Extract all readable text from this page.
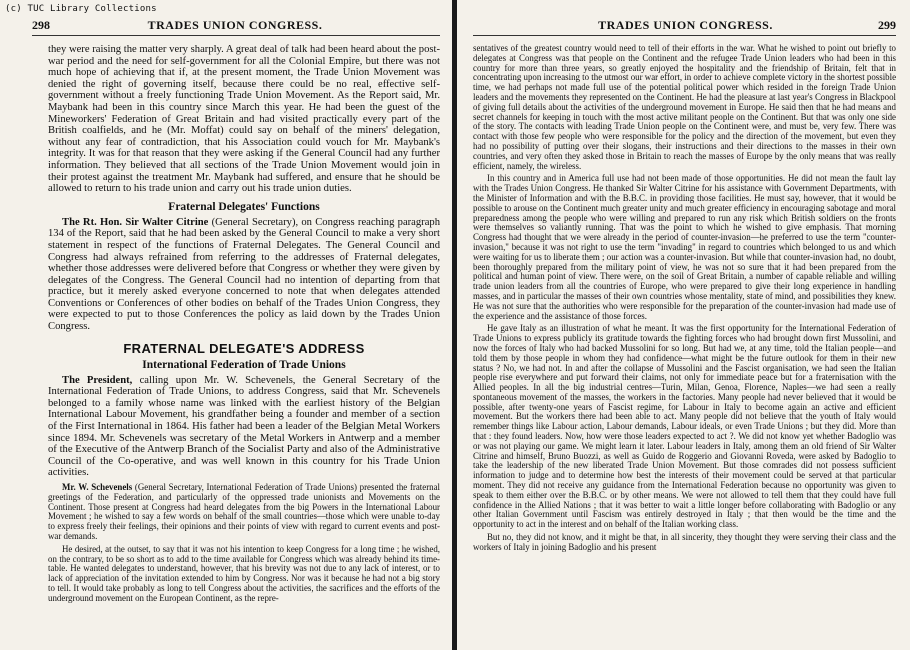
(c) TUC Library Collections
298	TRADES UNION CONGRESS.

they were raising the matter very sharply. A great deal of talk had been heard about the post-war period and the need for self-government for all the Colonial Empire, but there was not much hope of achieving that if, at the present moment, the Trade Union Movement was denied the right of governing itself, because there could be no real, effective self-government without a freely functioning Trade Union Movement. As the Report said, Mr. Maybank had been in this country since March this year. He had been the guest of the Mineworkers' Federation of Great Britain and had visited practically every part of the British coalfields, and he (Mr. Moffat) could say on behalf of the miners' delegation, without any fear of contradiction, that his Association could vouch for Mr. Maybank's integrity. It was for that reason that they were asking if the General Council had any further information. They believed that all sections of the Trade Union Movement would join in their protest against the treatment Mr. Maybank had suffered, and ensure that he should be allowed to return to his trade union and carry out his trade union duties.

Fraternal Delegates' Functions

The Rt. Hon. Sir Walter Citrine (General Secretary), on Congress reaching paragraph 134 of the Report, said that he had been asked by the General Council to make a very short statement in respect of the functions of Fraternal Delegates. The General Council and Congress had always refrained from referring to the addresses of Fraternal delegates, whether those addresses were delivered before that Congress or whether they were given by delegates of the Congress. The General Council had no intention of departing from that practice, but it merely asked everyone concerned to note that when delegates attended Conventions or Conferences of other bodies on behalf of the Trades Union Congress, they were expected to put to those Conferences the policy as laid down by the Trades Union Congress.

FRATERNAL DELEGATE'S ADDRESS
International Federation of Trade Unions

The President, calling upon Mr. W. Schevenels, the General Secretary of the International Federation of Trade Unions, to address Congress, said that Mr. Schevenels belonged to a family whose name was linked with the earliest history of the Belgian International Labour Movement, his grandfather being a founder and member of a section of the First International in 1864. His father had been a leader of the Belgian Metal Workers since 1894. Mr. Schevenels was secretary of the Metal Workers in Antwerp and a member of the Executive of the Antwerp Branch of the Socialist Party and also of the Administrative Council of the Co-operative, and was well known in this country for his Trade Union activities.

Mr. W. Schevenels (General Secretary, International Federation of Trade Unions) presented the fraternal greetings of the Federation, and particularly of the oppressed trade unionists and Movements on the Continent. Those present at Congress had heard delegates from the big Powers in the International Labour Movement ; he wished to say a few words on behalf of the small countries—those which were unable to-day to express freely their feelings, their opinions and their points of view with regard to current events and post-war demands.

He desired, at the outset, to say that it was not his intention to keep Congress for a long time ; he wished, on the contrary, to be so short as to add to the time available for Congress which was already behind its time-table. He wanted delegates to understand, however, that his brevity was not due to any lack of interest, or to lack of appreciation of the invitation extended to him by Congress. Nor was it because he had not a big story to tell. It would take probably as long to tell Congress about the activities, the sacrifices and the efforts of the underground movement on the European Continent, as the repre-

TRADES UNION CONGRESS.	299

sentatives of the greatest country would need to tell of their efforts in the war. What he wished to point out briefly to delegates at Congress was that people on the Continent and the refugee Trade Union leaders who had been in this country for more than three years, so greatly enjoyed the hospitality and the friendship of Britain, felt that in concentrating upon increasing to the utmost our war effort, in order to achieve complete victory in the shortest possible time, we had perhaps not made full use of the potential political power which resided in the foreign Trade Union leaders and the movements they represented on the Continent. He had the pleasure at last year's Congress in Blackpool of giving full details about the activities of the underground movement in Europe. He said then that he had means and secret channels for keeping in touch with the most active militant people on the Continent. But that was only one side of the story. The contacts with leading Trade Union people on the Continent were, and must be, very few. There was contact with those few people who were responsible for the policy and the direction of the movement, but even they had no possibility of putting over their slogans, their instructions and their directions to the masses in their own countries, and very often they asked those in Britain to reach the masses of Europe by the only means that was really efficient, namely, the wireless.

In this country and in America full use had not been made of those opportunities. He did not mean the fault lay with the Trades Union Congress. He thanked Sir Walter Citrine for his assistance with Government Departments, with the Minister of Information and with the B.B.C. in providing those facilities. He must say, however, that it would be possible to arouse on the Continent much greater unity and much greater efficiency in encouraging sabotage and moral preparedness among the people who were willing and prepared to run any risk which British soldiers on the fronts were themselves so valiantly running. That was the point to which he wished to give emphasis. That morning Congress had thought that we were already in the period of counter-invasion—he preferred to use the term "counter-invasion," because it was not right to use the term "invading" in regard to countries which belonged to us and which were waiting for us to liberate them ; our action was a counter-invasion. But while that counter-invasion had, no doubt, been thoroughly prepared from the military point of view, he was not so sure that it had been prepared from the political and human point of view. There were, on the soil of Great Britain, a number of capable reliable and willing trade union leaders from all the countries of Europe, who were prepared to give their long experience in handling masses, and in particular the masses of their own countries whose mentality, state of mind, and possibilities they knew. He was not sure that the authorities who were responsible for the preparation of the counter-invasion had made use of the experience and the assistance of those forces.

He gave Italy as an illustration of what he meant. It was the first opportunity for the International Federation of Trade Unions to express publicly its gratitude towards the fighting forces who had brought down first Mussolini, and now the forces of Italy who had backed Mussolini for so long. But had we, at any time, told the Italian people—and told them by those people in whom they had confidence—what might be the future outlook for them in their new status ? No, we had not. In and after the collapse of Mussolini and the Fascist organisation, we had seen the Italian people rise everywhere and put forward their claims, not only for immediate peace but for a fraternisation with the Allied peoples. In all the big industrial centres—Turin, Milan, Genoa, Florence, Naples—we had seen a really spontaneous movement of the masses, the workers in the factories. Many people had never believed that it would be possible, after twenty-one years of Fascist regime, for Labour in Italy to become again an active and efficient movement. But the workers there had been able to act. Many people did not believe that the youth of Italy would remember things like Labour action, Labour demands, Labour ideals, or even Trade Unions ; but they did. More than that : they found leaders. Now, how were those leaders expected to act ?. We did not know yet whether Badoglio was or was not playing our game. We might learn it later. Labour leaders in Italy, among them an old friend of Sir Walter Citrine and himself, Bruno Buozzi, as well as Guido de Roggerio and Giovanni Roveda, were asked by Badoglio to take the leadership of the new liberated Trade Union Movement. But those comrades did not possess sufficient information to judge and to determine how best the interests of their movement could be served at that particular moment. They did not receive any guidance from the International Federation because no opportunity was given to speak to them either over the B.B.C. or by other means. We were not allowed to tell them that they could have full confidence in the Allied Nations ; that it was better to wait a little longer before collaborating with Badoglio or any other Italian Government until Fascism was entirely destroyed in Italy ; that then would be the time and the opportunity to act in the interest and on behalf of the Italian working class.

But no, they did not know, and it might be that, in all sincerity, they thought they were serving their class and the workers of Italy in joining Badoglio and his present
